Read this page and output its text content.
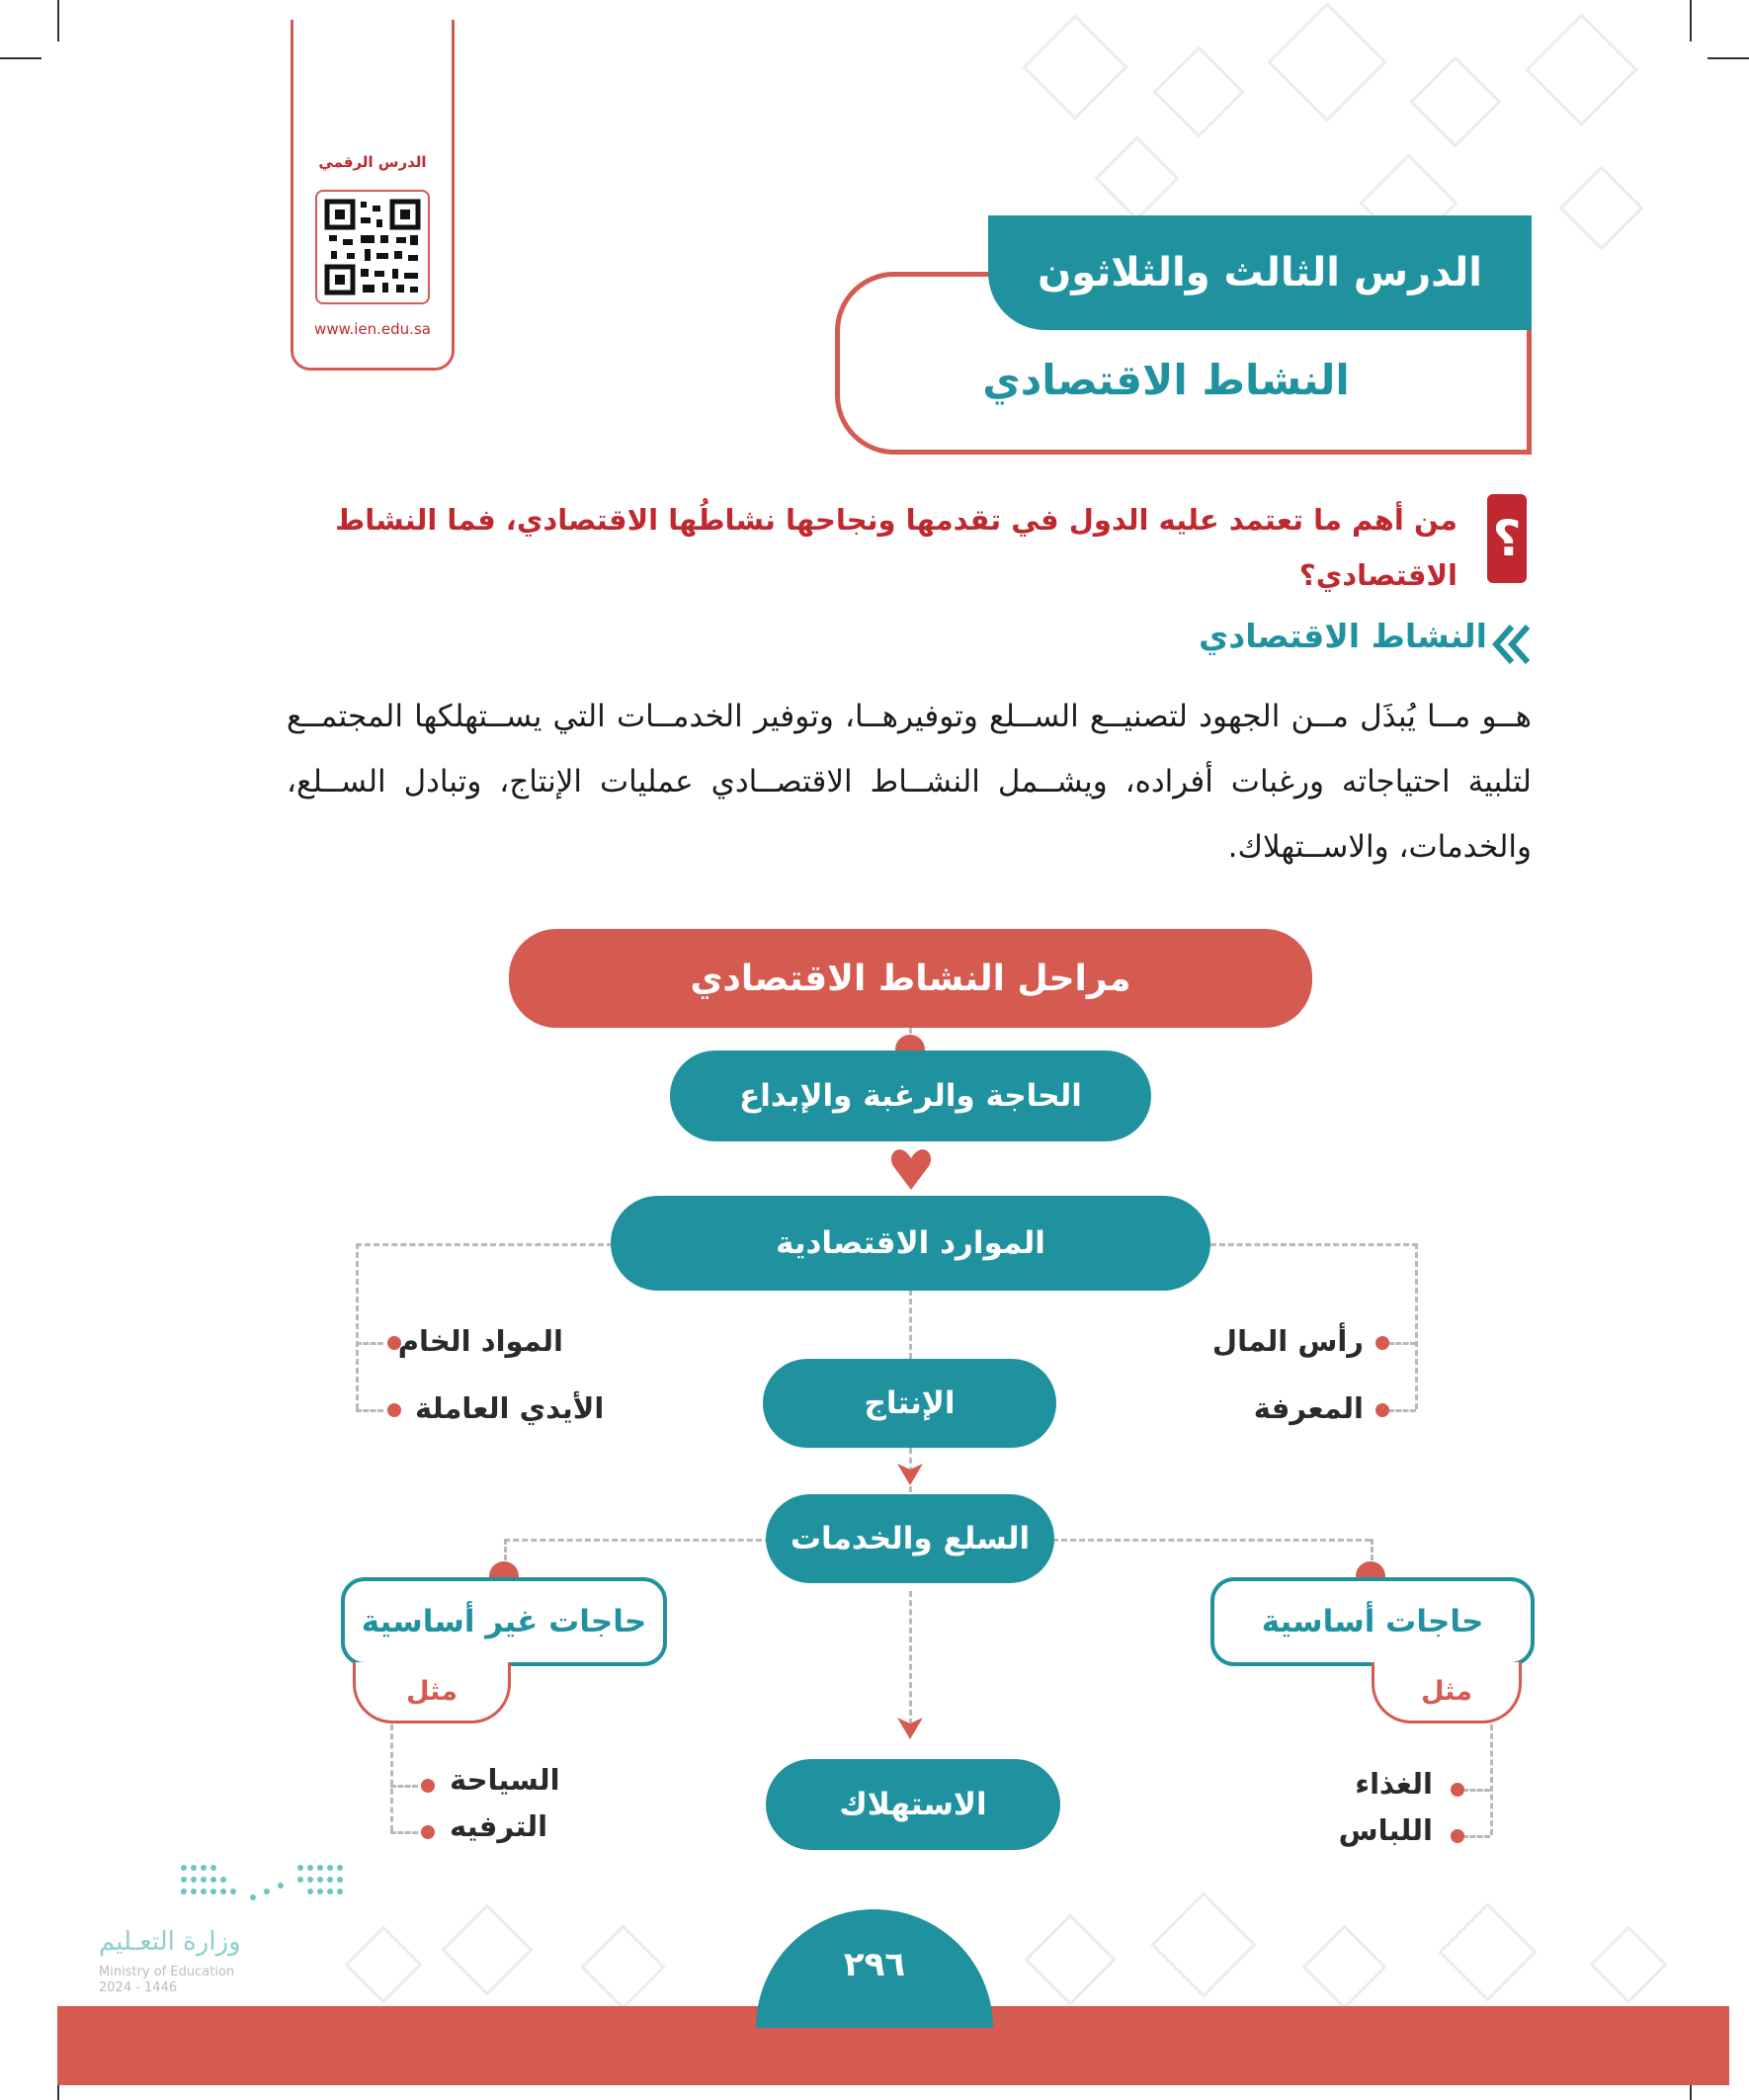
الدرس الرقمي
www.ien.edu.sa
الدرس الثالث والثلاثون
النشاط الاقتصادي
؟
من أهم ما تعتمد عليه الدول في تقدمها ونجاحها نشاطُها الاقتصادي، فما النشاط الاقتصادي؟
النشاط الاقتصادي
هــو مــا يُبذَل مــن الجهود لتصنيــع الســلع وتوفيرهــا، وتوفير الخدمــات التي يســتهلكها المجتمــع لتلبية احتياجاته ورغبات أفراده، ويشــمل النشــاط الاقتصــادي عمليات الإنتاج، وتبادل الســلع، والخدمات، والاســتهلاك.
مراحل النشاط الاقتصادي
الحاجة والرغبة والإبداع
الموارد الاقتصادية
المواد الخام
الأيدي العاملة
رأس المال
المعرفة
الإنتاج
السلع والخدمات
حاجات غير أساسية
مثل
السياحة
الترفيه
حاجات أساسية
مثل
الغذاء
اللباس
الاستهلاك
وزارة التعـليم
Ministry of Education
2024 - 1446
٢٩٦
